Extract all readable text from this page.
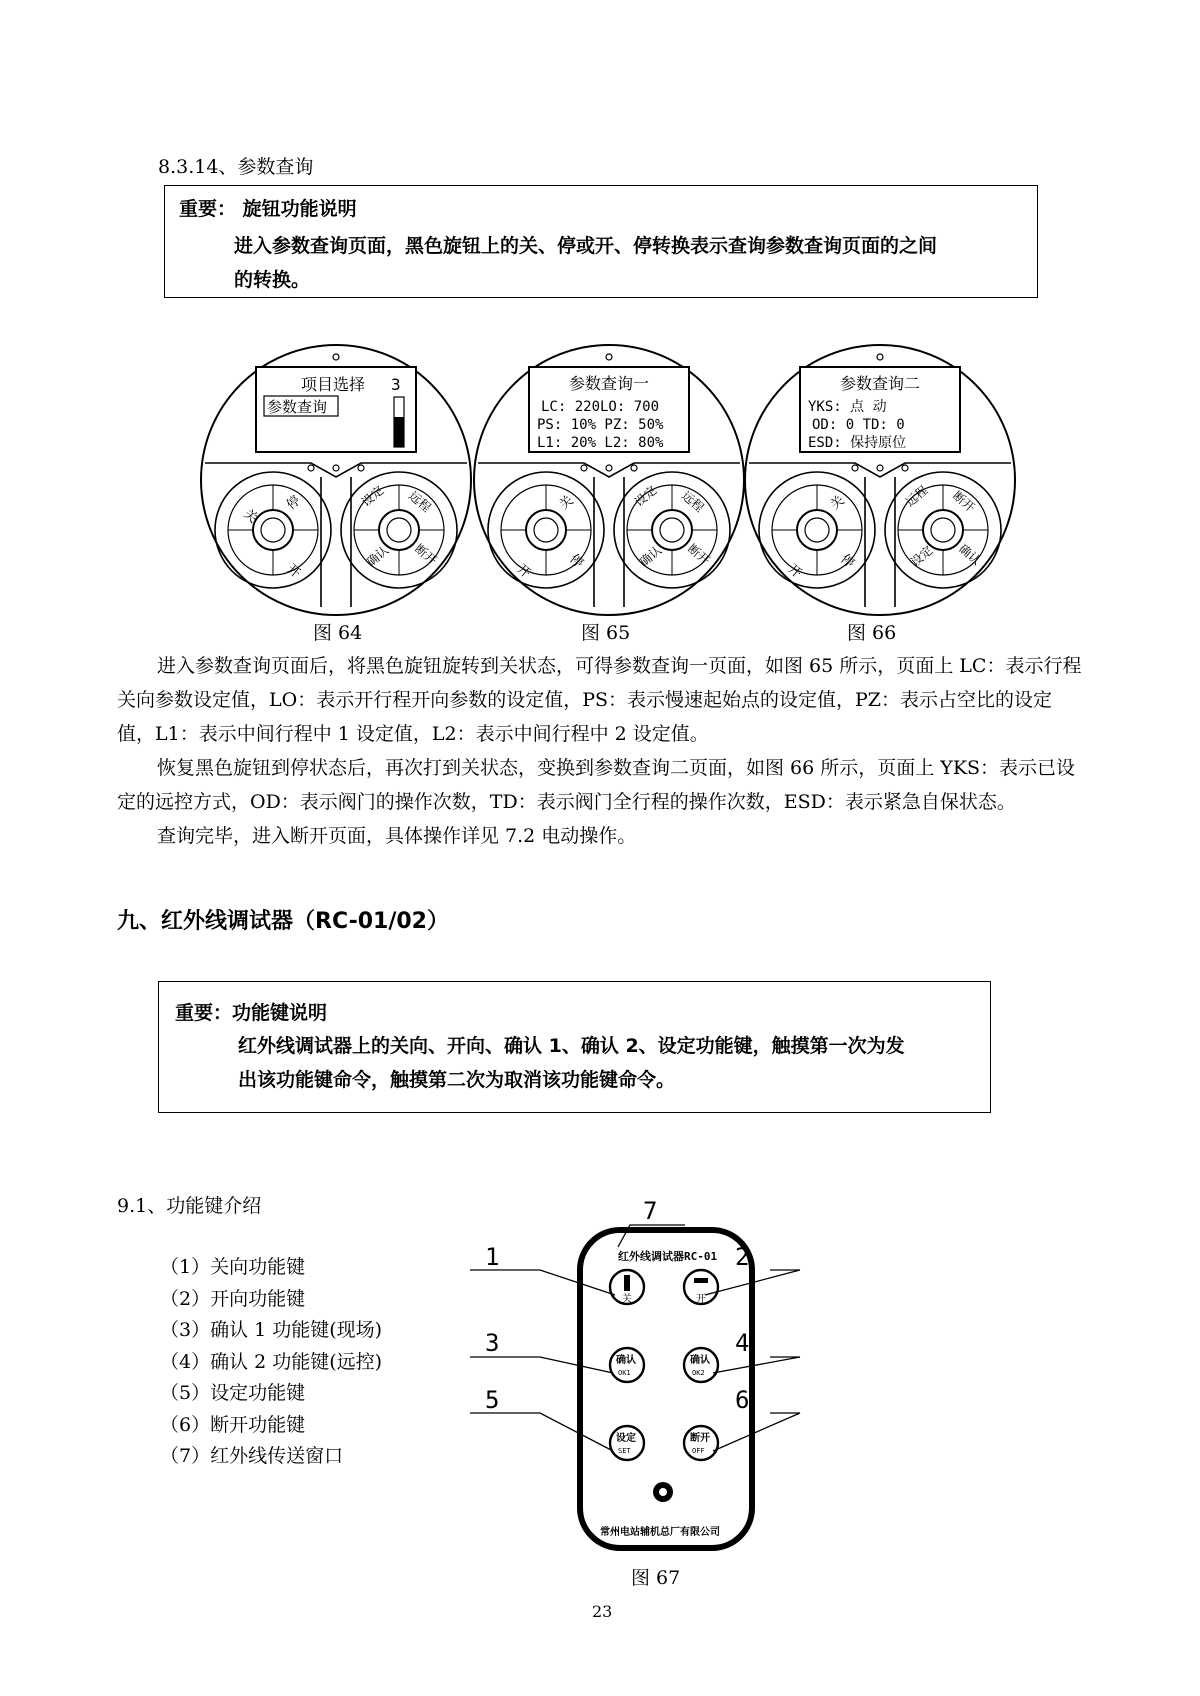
8.3.14、参数查询
重要： 旋钮功能说明
进入参数查询页面，黑色旋钮上的关、停或开、停转换表示查询参数查询页面的之间
的转换。
项目选择 3
参数查询
关
停
开
设定 远程
确认 断开
参数查询一
LC: 220LO: 700
PS: 10% PZ: 50%
L1: 20% L2: 80%
开
关
停
设定 远程
确认 断开
参数查询二
YKS: 点 动
OD: 0 TD: 0
ESD: 保持原位
开
关
停
远程 断开
设定 确认
图 64	图 65	图 66

进入参数查询页面后，将黑色旋钮旋转到关状态，可得参数查询一页面，如图 65 所示，页面上 LC：表示行程关向参数设定值，LO：表示开行程开向参数的设定值，PS：表示慢速起始点的设定值，PZ：表示占空比的设定值，L1：表示中间行程中 1 设定值，L2：表示中间行程中 2 设定值。

恢复黑色旋钮到停状态后，再次打到关状态，变换到参数查询二页面，如图 66 所示，页面上 YKS：表示已设定的远控方式，OD：表示阀门的操作次数，TD：表示阀门全行程的操作次数，ESD：表示紧急自保状态。

查询完毕，进入断开页面，具体操作详见 7.2 电动操作。

九、红外线调试器（RC-01/02）
重要：功能键说明
红外线调试器上的关向、开向、确认 1、确认 2、设定功能键，触摸第一次为发
出该功能键命令，触摸第二次为取消该功能键命令。
9.1、功能键介绍
（1）关向功能键
（2）开向功能键
（3）确认 1 功能键(现场)
（4）确认 2 功能键(远控)
（5）设定功能键
（6）断开功能键
（7）红外线传送窗口
红外线调试器RC-01
关	开
确认
OK1
确认
OK2
设定
SET
断开
OFF
常州电站辅机总厂有限公司
1	2
3	4
5	6
7
图 67
23
